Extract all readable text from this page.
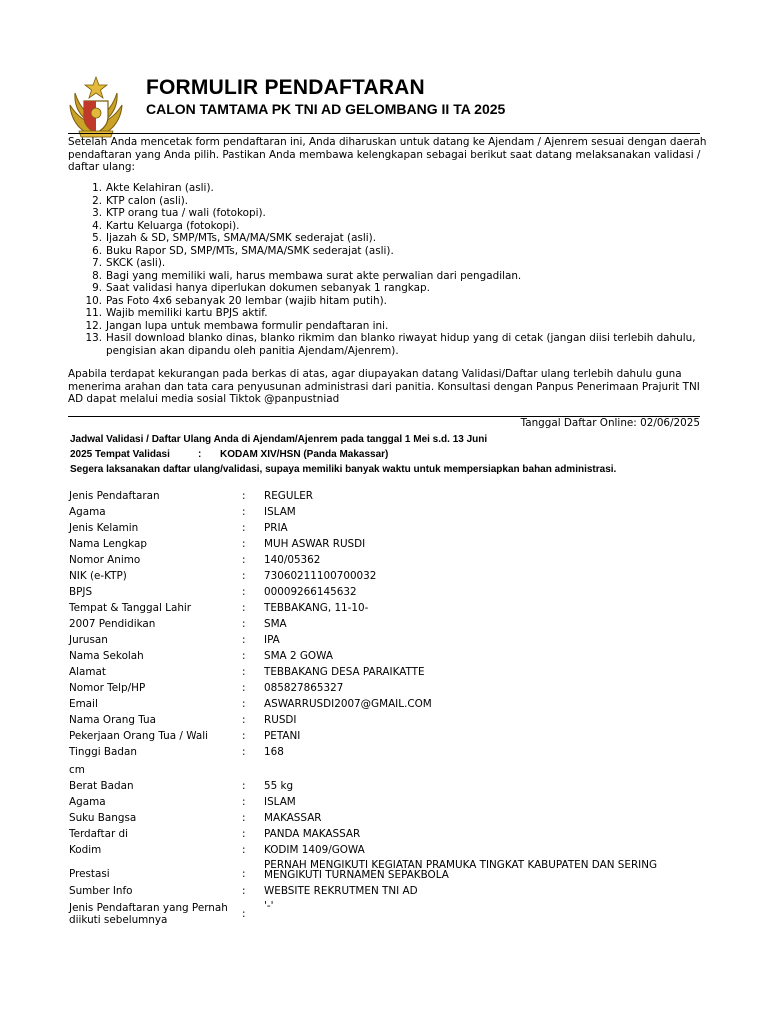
FORMULIR PENDAFTARAN
CALON TAMTAMA PK TNI AD GELOMBANG II TA 2025

Setelah Anda mencetak form pendaftaran ini, Anda diharuskan untuk datang ke Ajendam / Ajenrem sesuai dengan daerah pendaftaran yang Anda pilih. Pastikan Anda membawa kelengkapan sebagai berikut saat datang melaksanakan validasi / daftar ulang:

1. Akte Kelahiran (asli).
2. KTP calon (asli).
3. KTP orang tua / wali (fotokopi).
4. Kartu Keluarga (fotokopi).
5. Ijazah & SD, SMP/MTs, SMA/MA/SMK sederajat (asli).
6. Buku Rapor SD, SMP/MTs, SMA/MA/SMK sederajat (asli).
7. SKCK (asli).
8. Bagi yang memiliki wali, harus membawa surat akte perwalian dari pengadilan.
9. Saat validasi hanya diperlukan dokumen sebanyak 1 rangkap.
10. Pas Foto 4x6 sebanyak 20 lembar (wajib hitam putih).
11. Wajib memiliki kartu BPJS aktif.
12. Jangan lupa untuk membawa formulir pendaftaran ini.
13. Hasil download blanko dinas, blanko rikmim dan blanko riwayat hidup yang di cetak (jangan diisi terlebih dahulu, pengisian akan dipandu oleh panitia Ajendam/Ajenrem).

Apabila terdapat kekurangan pada berkas di atas, agar diupayakan datang Validasi/Daftar ulang terlebih dahulu guna menerima arahan dan tata cara penyusunan administrasi dari panitia. Konsultasi dengan Panpus Penerimaan Prajurit TNI AD dapat melalui media sosial Tiktok @panpustniad

Tanggal Daftar Online: 02/06/2025
Jadwal Validasi / Daftar Ulang Anda di Ajendam/Ajenrem pada tanggal 1 Mei s.d. 13 Juni
2025 Tempat Validasi	: KODAM XIV/HSN (Panda Makassar)

Segera laksanakan daftar ulang/validasi, supaya memiliki banyak waktu untuk mempersiapkan bahan administrasi.

Jenis Pendaftaran	: REGULER
Agama	: ISLAM
Jenis Kelamin	: PRIA
Nama Lengkap	: MUH ASWAR RUSDI
Nomor Animo	: 140/05362
NIK (e-KTP)	: 73060211100700032
BPJS	: 00009266145632
Tempat & Tanggal Lahir	: TEBBAKANG, 11-10-
2007 Pendidikan	: SMA
Jurusan	: IPA
Nama Sekolah	: SMA 2 GOWA
Alamat	: TEBBAKANG DESA PARAIKATTE
Nomor Telp/HP	: 085827865327
Email	: ASWARRUSDI2007@GMAIL.COM
Nama Orang Tua	: RUSDI
Pekerjaan Orang Tua / Wali	: PETANI
Tinggi Badan	: 168
cm
Berat Badan	: 55 kg
Agama	: ISLAM
Suku Bangsa	: MAKASSAR
Terdaftar di	: PANDA MAKASSAR
Kodim	: KODIM 1409/GOWA
Prestasi	:
PERNAH MENGIKUTI KEGIATAN PRAMUKA TINGKAT KABUPATEN DAN SERING MENGIKUTI TURNAMEN SEPAKBOLA
Sumber Info	: WEBSITE REKRUTMEN TNI AD
Jenis Pendaftaran yang Pernah diikuti sebelumnya	:
'-'
